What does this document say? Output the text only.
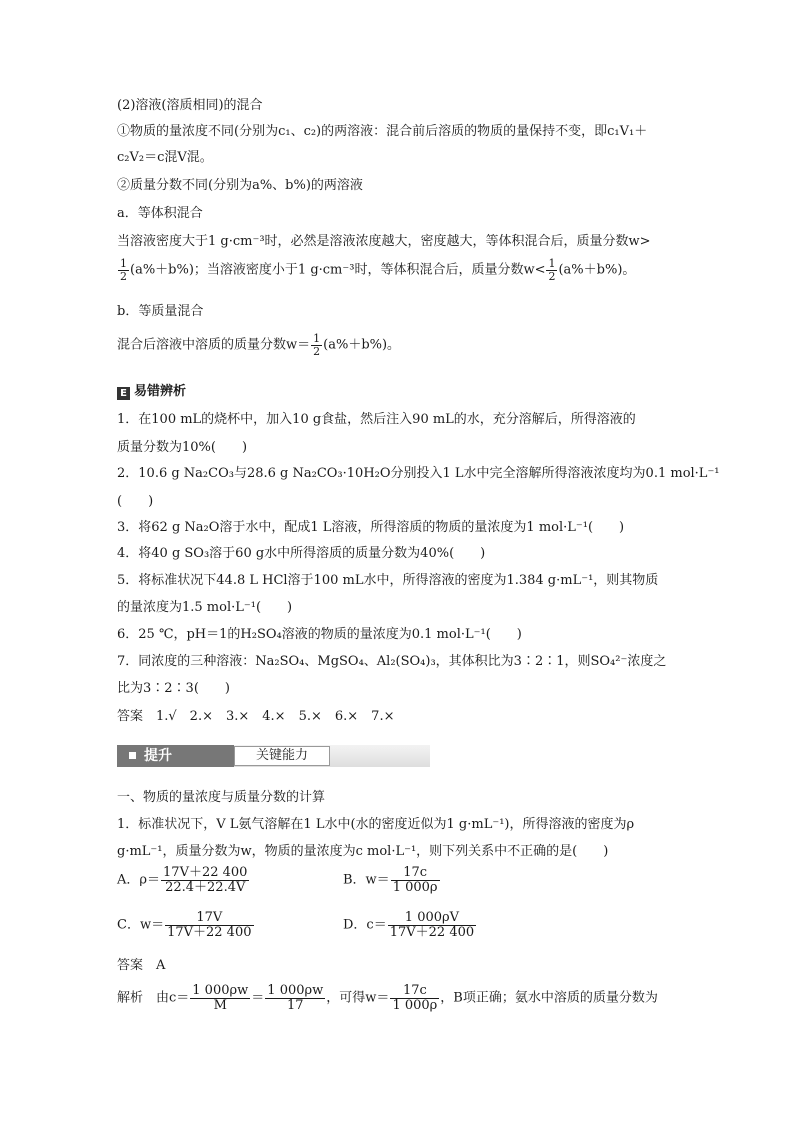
(2)溶液(溶质相同)的混合
①物质的量浓度不同(分别为c₁、c₂)的两溶液：混合前后溶质的物质的量保持不变，即c₁V₁＋
c₂V₂＝c混V混。
②质量分数不同(分别为a%、b%)的两溶液
a．等体积混合
当溶液密度大于1 g·cm⁻³时，必然是溶液浓度越大，密度越大，等体积混合后，质量分数w>
$\frac{1}{2} (a\%+b\%)$；当溶液密度小于1 g·cm⁻³时，等体积混合后，质量分数$w< \frac{1}{2} (a\%+b\%)$。
b．等质量混合
混合后溶液中溶质的质量分数$w= \frac{1}{2} (a\%+b\%)$。
E 易错辨析
1．在100 mL的烧杯中，加入10 g食盐，然后注入90 mL的水，充分溶解后，所得溶液的
质量分数为10%(　　)
2．10.6 g Na₂CO₃与28.6 g Na₂CO₃·10H₂O分别投入1 L水中完全溶解所得溶液浓度均为0.1 mol·L⁻¹
(　　)
3．将62 g Na₂O溶于水中，配成1 L溶液，所得溶质的物质的量浓度为1 mol·L⁻¹(　　)
4．将40 g SO₃溶于60 g水中所得溶质的质量分数为40%(　　)
5．将标准状况下44.8 L HCl溶于100 mL水中，所得溶液的密度为1.384 g·mL⁻¹，则其物质
的量浓度为1.5 mol·L⁻¹(　　)
6．25 ℃，pH＝1的H₂SO₄溶液的物质的量浓度为0.1 mol·L⁻¹(　　)
7．同浓度的三种溶液：Na₂SO₄、MgSO₄、Al₂(SO₄)₃，其体积比为3∶2∶1，则SO₄²⁻浓度之
比为3∶2∶3(　　)
答案　1.√　2.×　3.×　4.×　5.×　6.×　7.×
提升	关键能力
一、物质的量浓度与质量分数的计算
1．标准状况下，V L氨气溶解在1 L水中(水的密度近似为1 g·mL⁻¹)，所得溶液的密度为ρ
g·mL⁻¹，质量分数为w，物质的量浓度为c mol·L⁻¹，则下列关系中不正确的是(　　)
A．$\rho= \frac{17V+22 400}{22.4+22.4V}$	B．$w= \frac{17c}{1 000\rho}$
C．$w= \frac{17V}{17V+22 400}$	D．$c= \frac{1 000\rho V}{17V+22 400}$
答案　A
解析　由$c= \frac{1 000\rho w}{M} = \frac{1 000\rho w}{17}$ ，可得$w= \frac{17c}{1 000\rho}$ ，B项正确；氨水中溶质的质量分数为
